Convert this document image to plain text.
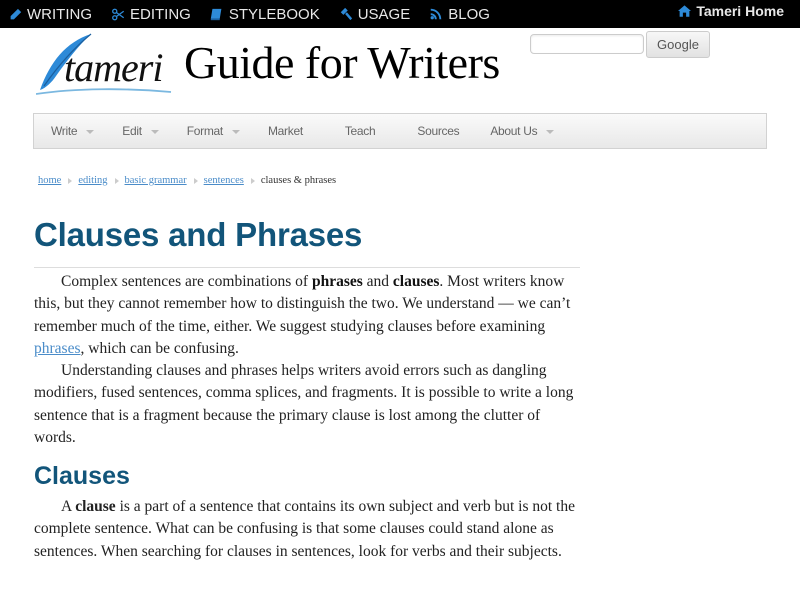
WRITING	EDITING	STYLEBOOK	USAGE	BLOG	Tameri Home
tameri Guide for Writers	Google
Write	Edit	Format	Market	Teach	Sources	About Us
home editing basic grammar sentences clauses & phrases
Clauses and Phrases

Complex sentences are combinations of phrases and clauses. Most writers know this, but they cannot remember how to distinguish the two. We understand — we can’t remember much of the time, either. We suggest studying clauses before examining phrases, which can be confusing.

Understanding clauses and phrases helps writers avoid errors such as dangling modifiers, fused sentences, comma splices, and fragments. It is possible to write a long sentence that is a fragment because the primary clause is lost among the clutter of words.

Clauses

A clause is a part of a sentence that contains its own subject and verb but is not the complete sentence. What can be confusing is that some clauses could stand alone as sentences. When searching for clauses in sentences, look for verbs and their subjects.
